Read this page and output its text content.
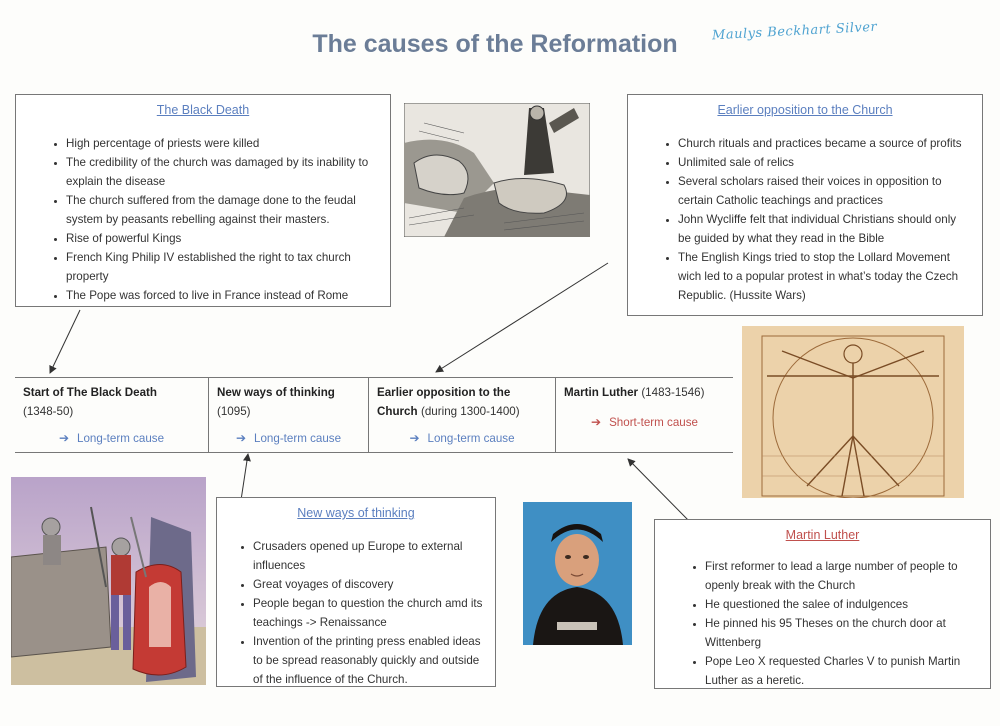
The causes of the Reformation	Maulys Beckhart Silver
The Black Death
• High percentage of priests were killed
• The credibility of the church was damaged by its inability to explain the disease
• The church suffered from the damage done to the feudal system by peasants rebelling against their masters.
• Rise of powerful Kings
• French King Philip IV established the right to tax church property
• The Pope was forced to live in France instead of Rome
Earlier opposition to the Church
• Church rituals and practices became a source of profits
• Unlimited sale of relics
• Several scholars raised their voices in opposition to certain Catholic teachings and practices
• John Wycliffe felt that individual Christians should only be guided by what they read in the Bible
• The English Kings tried to stop the Lollard Movement wich led to a popular protest in what’s today the Czech Republic. (Hussite Wars)
Start of The Black Death
(1348-50)
➔ Long-term cause
New ways of thinking
(1095)
➔ Long-term cause
Earlier opposition to the Church
➔ Long-term cause
(during 1300-1400)
Martin Luther (1483-1546)
➔ Short-term cause
New ways of thinking
• Crusaders opened up Europe to external influences
• Great voyages of discovery
• People began to question the church amd its teachings -> Renaissance
• Invention of the printing press enabled ideas to be spread reasonably quickly and outside of the influence of the Church.
Martin Luther
• First reformer to lead a large number of people to openly break with the Church
• He questioned the salee of indulgences
• He pinned his 95 Theses on the church door at Wittenberg
• Pope Leo X requested Charles V to punish Martin Luther as a heretic.
